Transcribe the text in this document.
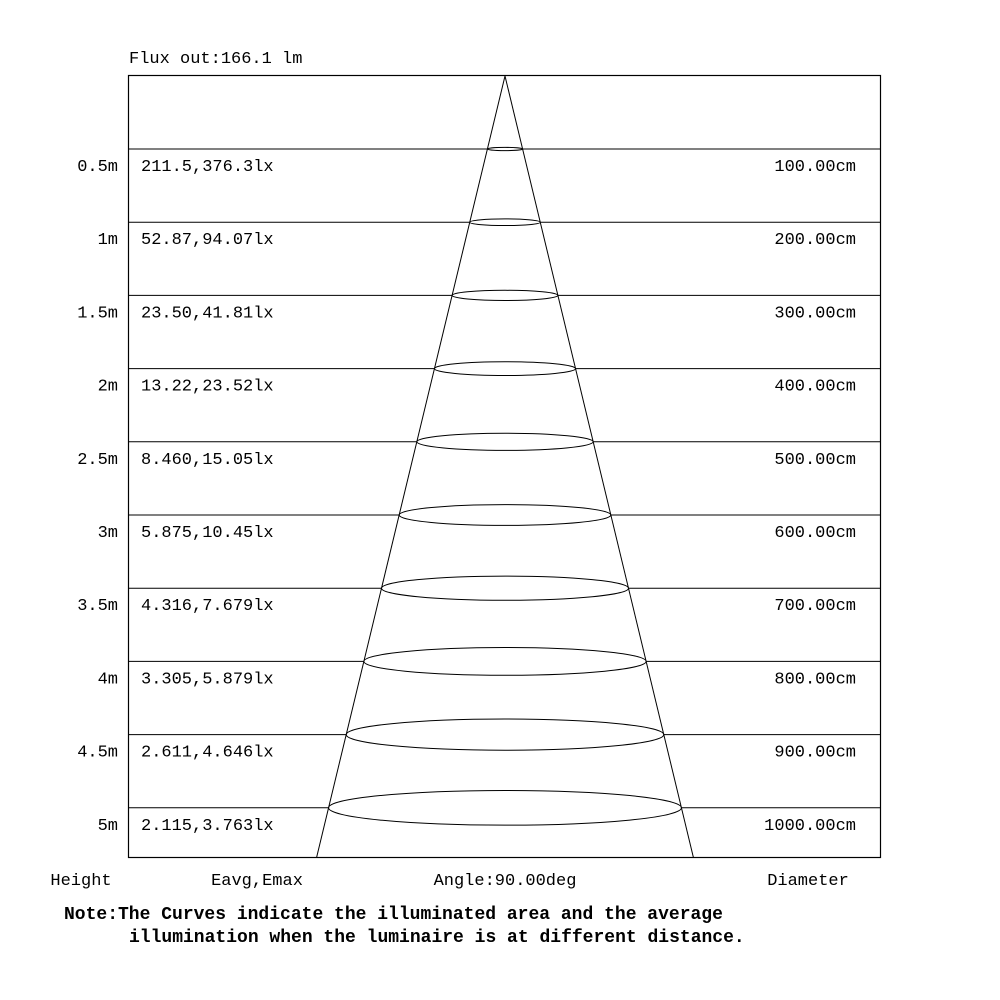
Flux out:166.1 lm
0.5m 211.5,376.3lx	100.00cm
1m 52.87,94.07lx	200.00cm
1.5m 23.50,41.81lx	300.00cm
2m 13.22,23.52lx	400.00cm
2.5m 8.460,15.05lx	500.00cm
3m 5.875,10.45lx	600.00cm
3.5m 4.316,7.679lx	700.00cm
4m 3.305,5.879lx	800.00cm
4.5m 2.611,4.646lx	900.00cm
5m 2.115,3.763lx	1000.00cm
Height	Eavg,Emax	Angle:90.00deg	Diameter
Note:The Curves indicate the illuminated area and the average
illumination when the luminaire is at different distance.
